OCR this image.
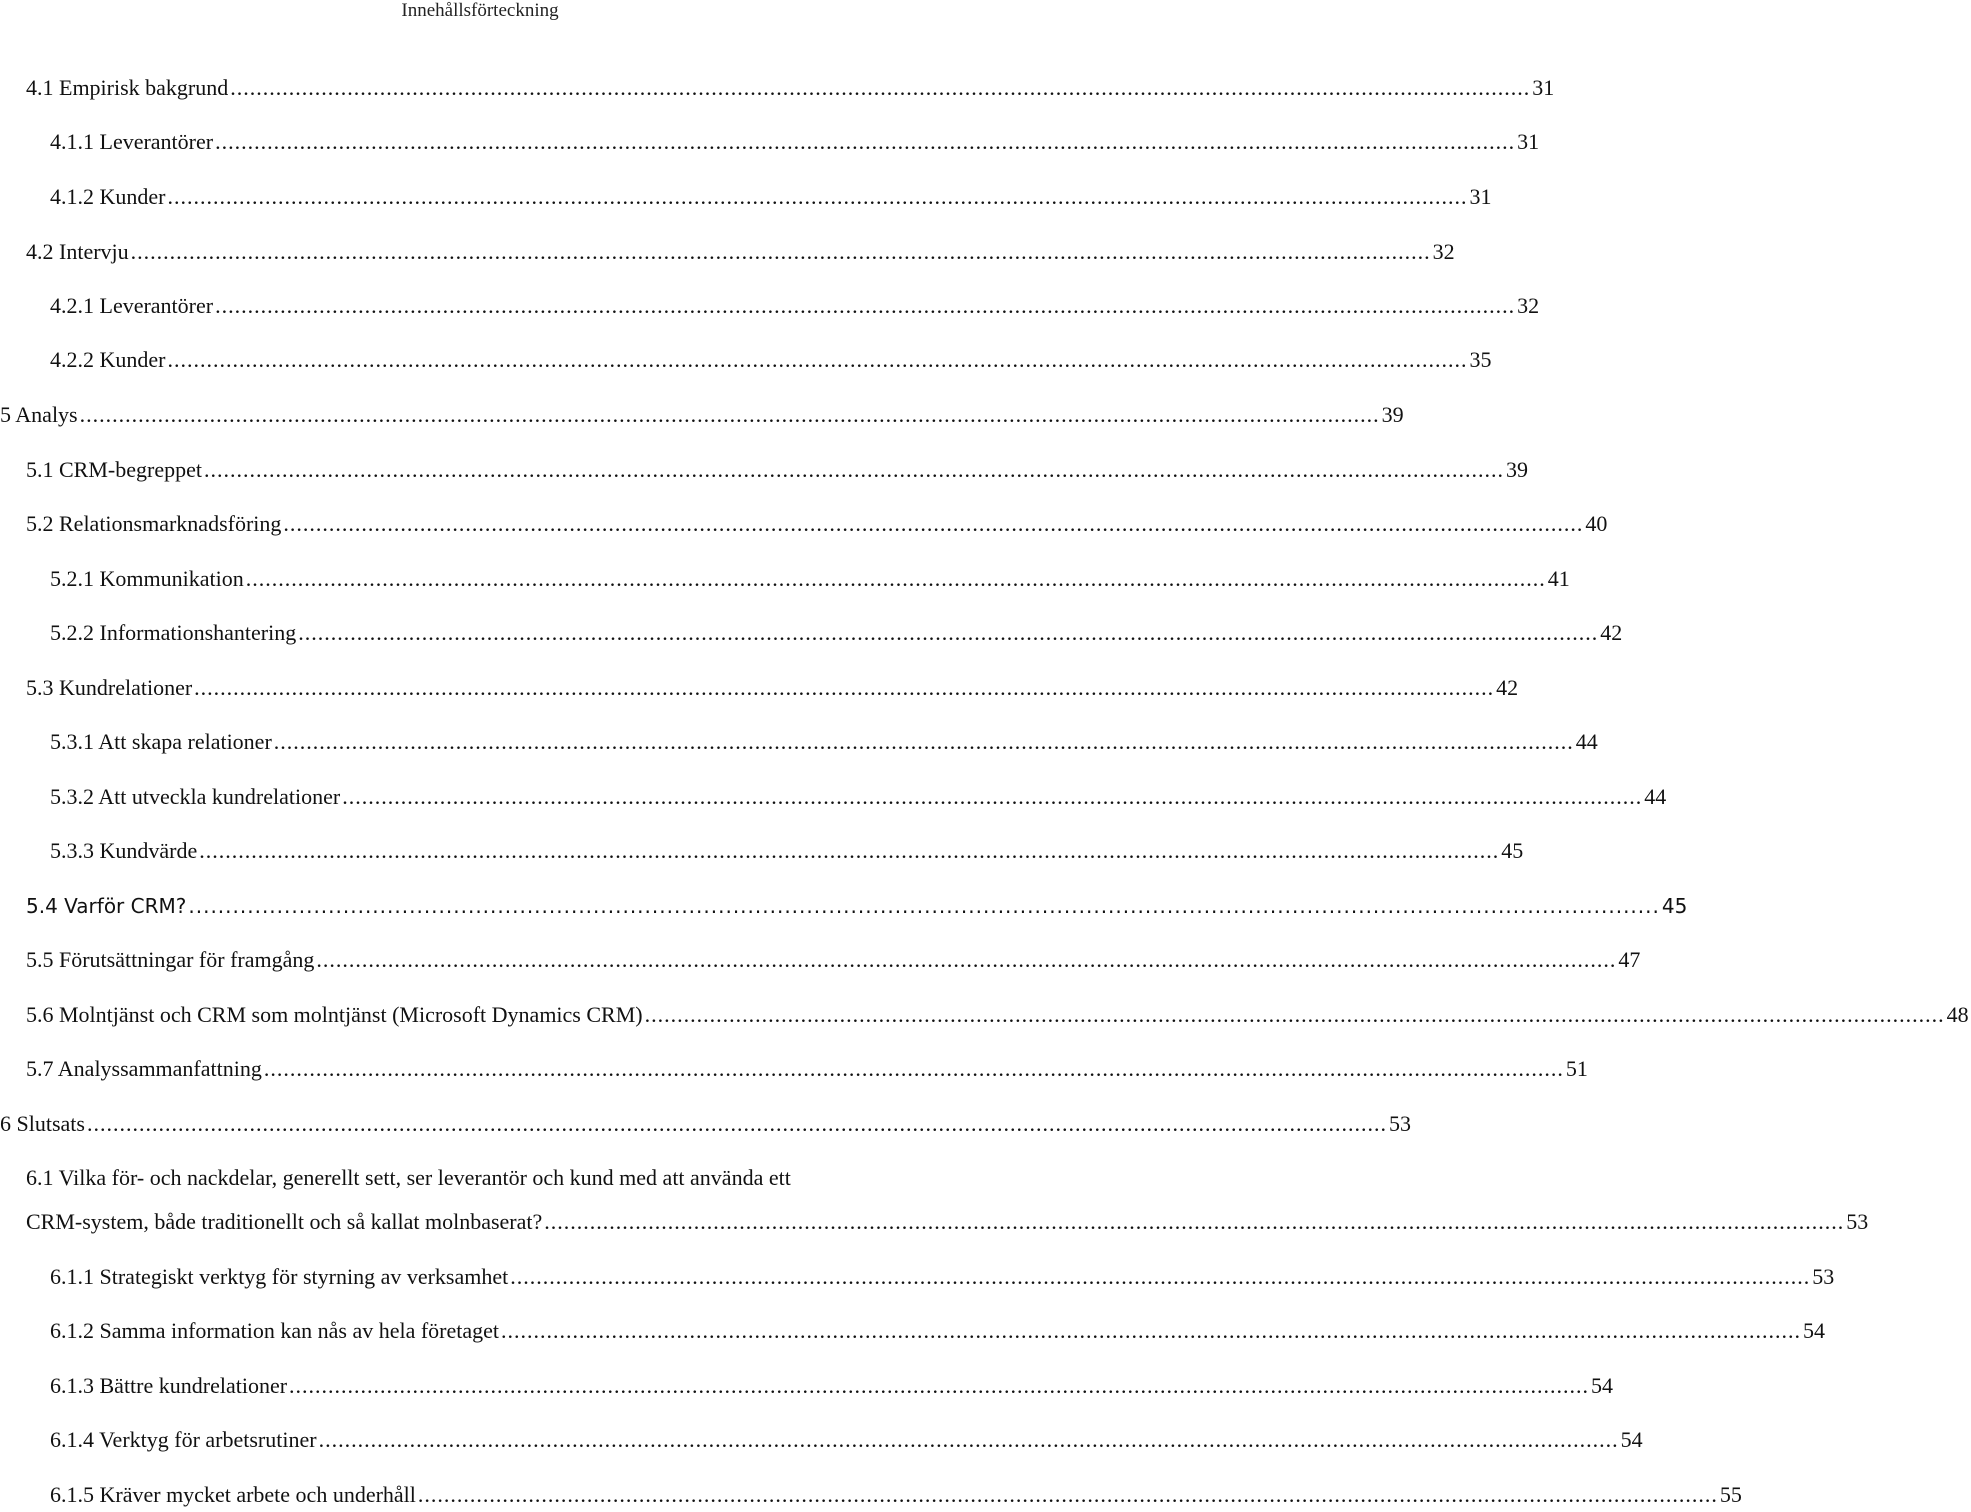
Innehållsförteckning
4.1 Empirisk bakgrund ........................................................................................................................................................................................................ 31
4.1.1 Leverantörer ........................................................................................................................................................................................................ 31
4.1.2 Kunder ........................................................................................................................................................................................................ 31
4.2 Intervju ........................................................................................................................................................................................................ 32
4.2.1 Leverantörer ........................................................................................................................................................................................................ 32
4.2.2 Kunder ........................................................................................................................................................................................................ 35
5 Analys ........................................................................................................................................................................................................ 39
5.1 CRM-begreppet ........................................................................................................................................................................................................ 39
5.2 Relationsmarknadsföring ........................................................................................................................................................................................................ 40
5.2.1 Kommunikation ........................................................................................................................................................................................................ 41
5.2.2 Informationshantering ........................................................................................................................................................................................................ 42
5.3 Kundrelationer ........................................................................................................................................................................................................ 42
5.3.1 Att skapa relationer ........................................................................................................................................................................................................ 44
5.3.2 Att utveckla kundrelationer ........................................................................................................................................................................................................ 44
5.3.3 Kundvärde ........................................................................................................................................................................................................ 45
5.4 Varför CRM? ........................................................................................................................................................................................................ 45
5.5 Förutsättningar för framgång ........................................................................................................................................................................................................ 47
5.6 Molntjänst och CRM som molntjänst (Microsoft Dynamics CRM) ........................................................................................................................................................................................................ 48
5.7 Analyssammanfattning ........................................................................................................................................................................................................ 51
6 Slutsats ........................................................................................................................................................................................................ 53
6.1 Vilka för- och nackdelar, generellt sett, ser leverantör och kund med att använda ett
CRM-system, både traditionellt och så kallat molnbaserat? ........................................................................................................................................................................................................ 53
6.1.1 Strategiskt verktyg för styrning av verksamhet ........................................................................................................................................................................................................ 53
6.1.2 Samma information kan nås av hela företaget ........................................................................................................................................................................................................ 54
6.1.3 Bättre kundrelationer ........................................................................................................................................................................................................ 54
6.1.4 Verktyg för arbetsrutiner ........................................................................................................................................................................................................ 54
6.1.5 Kräver mycket arbete och underhåll ........................................................................................................................................................................................................ 55
